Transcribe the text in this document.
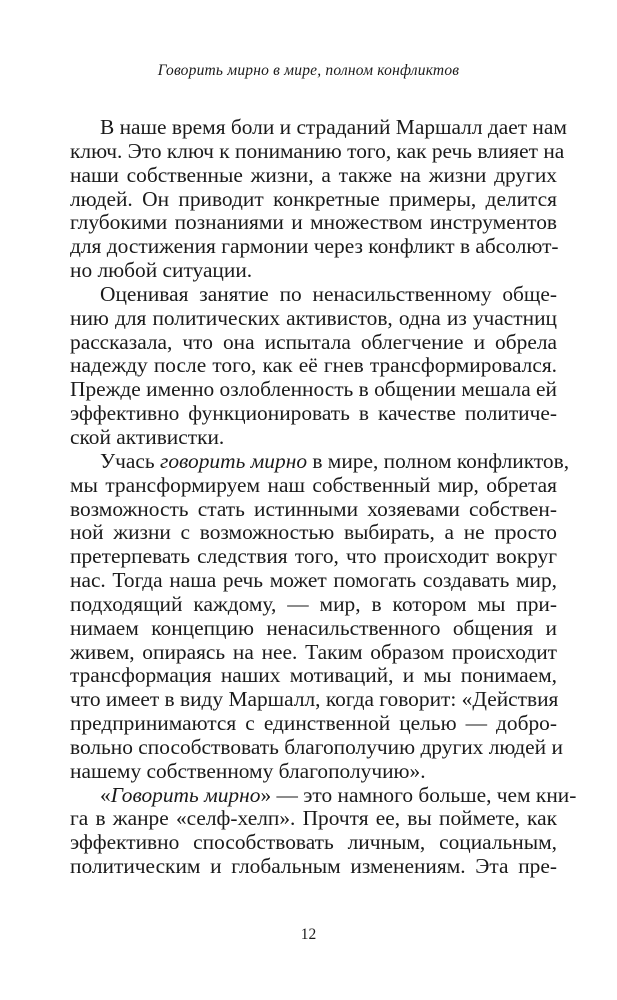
Говорить мирно в мире, полном конфликтов
В наше время боли и страданий Маршалл дает нам
ключ. Это ключ к пониманию того, как речь влияет на
наши собственные жизни, а также на жизни других
людей. Он приводит конкретные примеры, делится
глубокими познаниями и множеством инструментов
для достижения гармонии через конфликт в абсолют-
но любой ситуации.
Оценивая занятие по ненасильственному обще-
нию для политических активистов, одна из участниц
рассказала, что она испытала облегчение и обрела
надежду после того, как её гнев трансформировался.
Прежде именно озлобленность в общении мешала ей
эффективно функционировать в качестве политиче-
ской активистки.
Учась говорить мирно в мире, полном конфликтов,
мы трансформируем наш собственный мир, обретая
возможность стать истинными хозяевами собствен-
ной жизни с возможностью выбирать, а не просто
претерпевать следствия того, что происходит вокруг
нас. Тогда наша речь может помогать создавать мир,
подходящий каждому, — мир, в котором мы при-
нимаем концепцию ненасильственного общения и
живем, опираясь на нее. Таким образом происходит
трансформация наших мотиваций, и мы понимаем,
что имеет в виду Маршалл, когда говорит: «Действия
предпринимаются с единственной целью — добро-
вольно способствовать благополучию других людей и
нашему собственному благополучию».
«Говорить мирно» — это намного больше, чем кни-
га в жанре «селф-хелп». Прочтя ее, вы поймете, как
эффективно способствовать личным, социальным,
политическим и глобальным изменениям. Эта пре-
12
